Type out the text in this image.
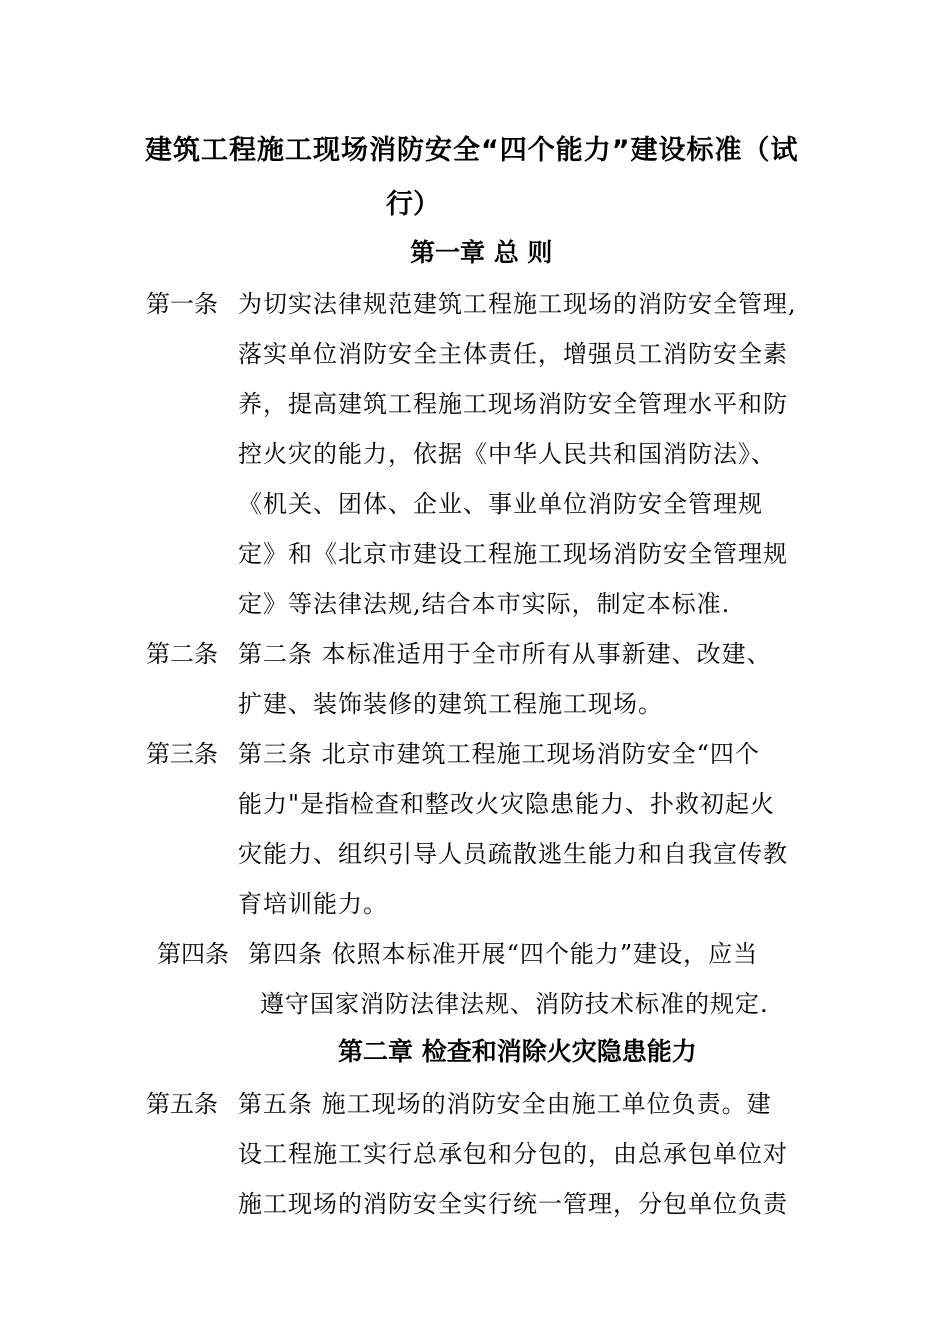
建筑工程施工现场消防安全“四个能力”建设标准（试
行）
第一章 总 则
第一条 为切实法律规范建筑工程施工现场的消防安全管理,
落实单位消防安全主体责任，增强员工消防安全素
养，提高建筑工程施工现场消防安全管理水平和防
控火灾的能力，依据《中华人民共和国消防法》、
《机关、团体、企业、事业单位消防安全管理规
定》和《北京市建设工程施工现场消防安全管理规
定》等法律法规,结合本市实际，制定本标准.
第二条 第二条 本标准适用于全市所有从事新建、改建、
扩建、装饰装修的建筑工程施工现场。
第三条 第三条 北京市建筑工程施工现场消防安全“四个
能力"是指检查和整改火灾隐患能力、扑救初起火
灾能力、组织引导人员疏散逃生能力和自我宣传教
育培训能力。
第四条 第四条 依照本标准开展“四个能力”建设，应当
遵守国家消防法律法规、消防技术标准的规定.
第二章 检查和消除火灾隐患能力
第五条 第五条 施工现场的消防安全由施工单位负责。建
设工程施工实行总承包和分包的，由总承包单位对
施工现场的消防安全实行统一管理，分包单位负责
